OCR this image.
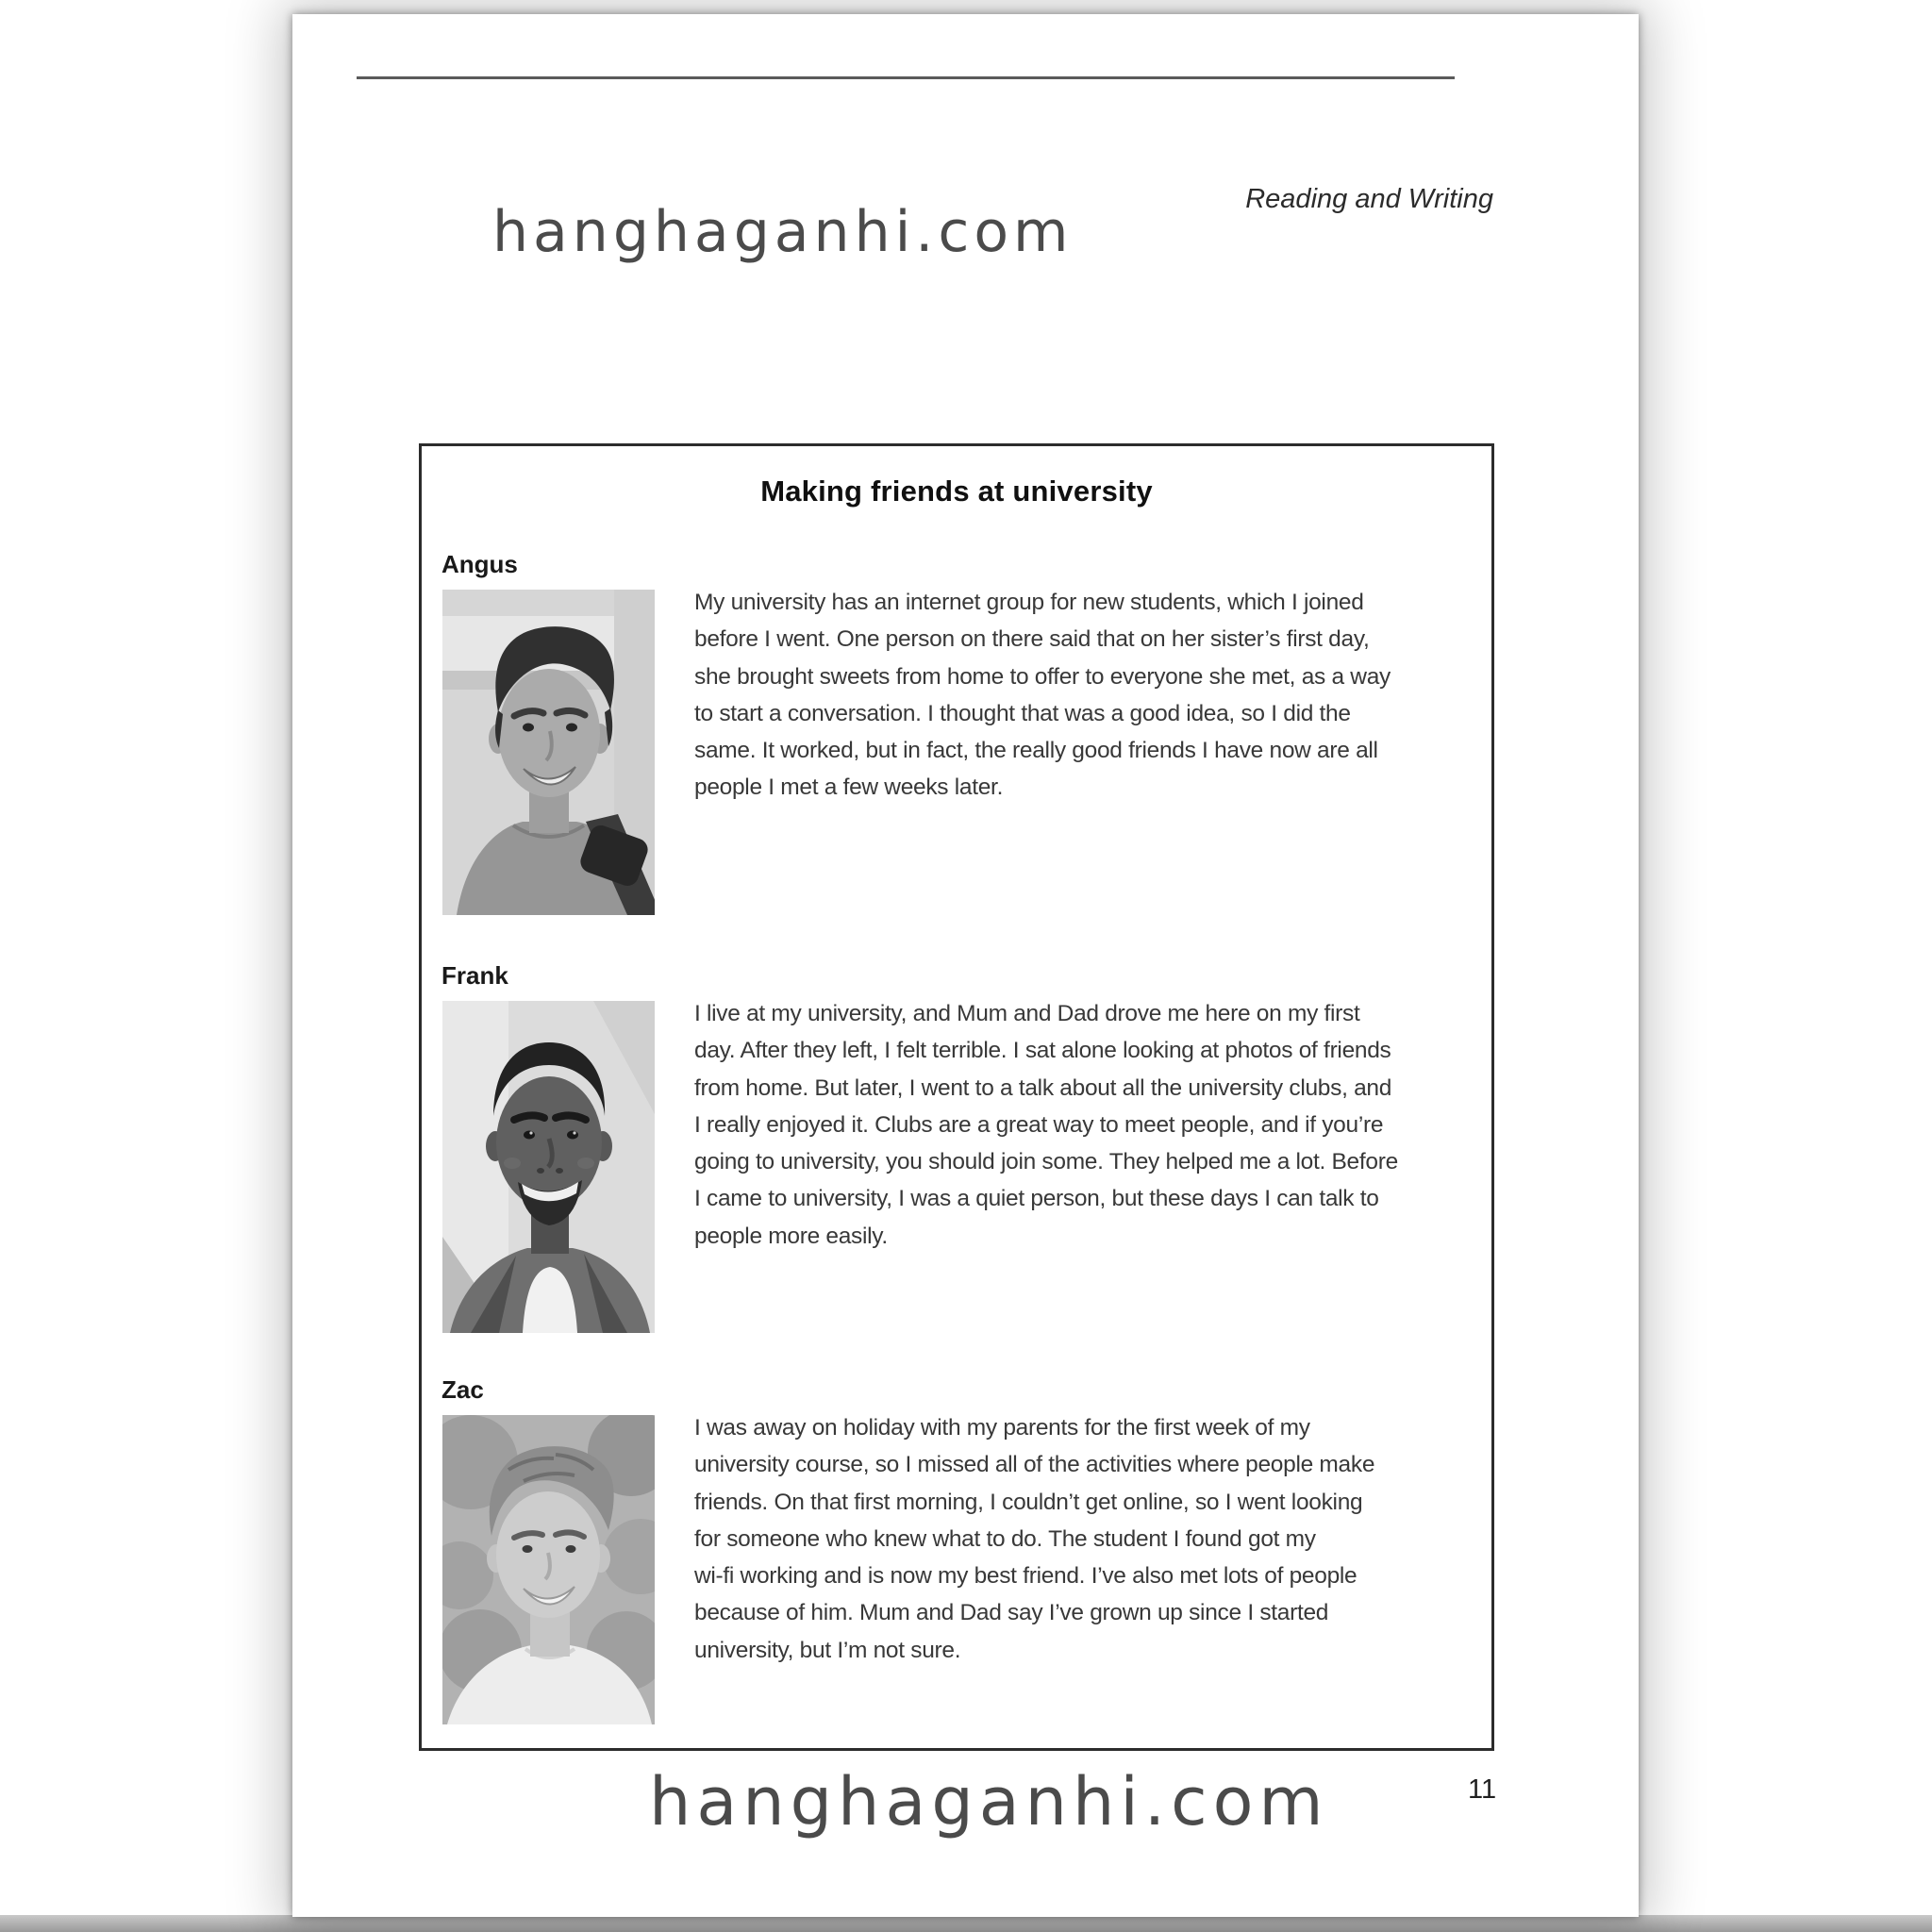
hanghaganhi.com	Reading and Writing
Making friends at university
Angus
My university has an internet group for new students, which I joined
before I went. One person on there said that on her sister’s first day,
she brought sweets from home to offer to everyone she met, as a way
to start a conversation. I thought that was a good idea, so I did the
same. It worked, but in fact, the really good friends I have now are all
people I met a few weeks later.
Frank
I live at my university, and Mum and Dad drove me here on my first
day. After they left, I felt terrible. I sat alone looking at photos of friends
from home. But later, I went to a talk about all the university clubs, and
I really enjoyed it. Clubs are a great way to meet people, and if you’re
going to university, you should join some. They helped me a lot. Before
I came to university, I was a quiet person, but these days I can talk to
people more easily.
Zac
I was away on holiday with my parents for the first week of my
university course, so I missed all of the activities where people make
friends. On that first morning, I couldn’t get online, so I went looking
for someone who knew what to do. The student I found got my
wi-fi working and is now my best friend. I’ve also met lots of people
because of him. Mum and Dad say I’ve grown up since I started
university, but I’m not sure.
hanghaganhi.com	11
